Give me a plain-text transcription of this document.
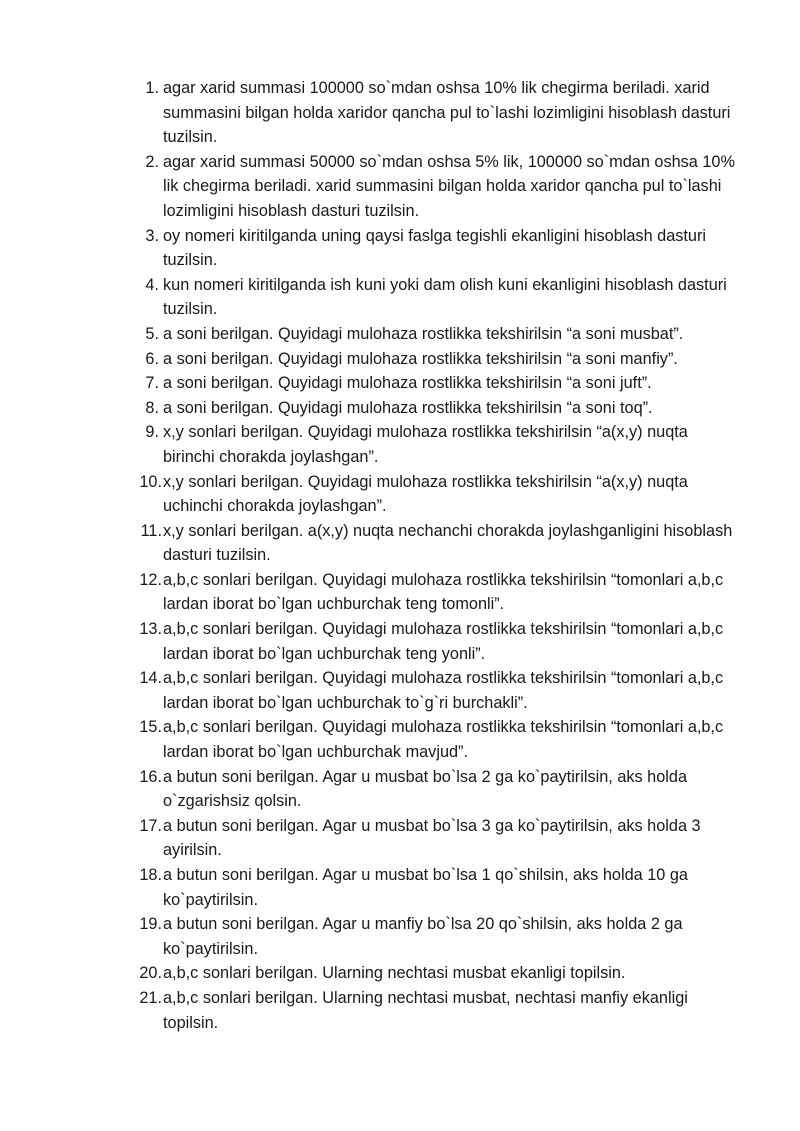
1. agar xarid summasi 100000 so`mdan oshsa 10% lik chegirma beriladi. xarid summasini bilgan holda xaridor qancha pul to`lashi lozimligini hisoblash dasturi tuzilsin.
2. agar xarid summasi 50000 so`mdan oshsa 5% lik, 100000 so`mdan oshsa 10% lik chegirma beriladi. xarid summasini bilgan holda xaridor qancha pul to`lashi lozimligini hisoblash dasturi tuzilsin.
3. oy nomeri kiritilganda uning qaysi faslga tegishli ekanligini hisoblash dasturi tuzilsin.
4. kun nomeri kiritilganda ish kuni yoki dam olish kuni ekanligini hisoblash dasturi tuzilsin.
5. a soni berilgan. Quyidagi mulohaza rostlikka tekshirilsin “a soni musbat”.
6. a soni berilgan. Quyidagi mulohaza rostlikka tekshirilsin “a soni manfiy”.
7. a soni berilgan. Quyidagi mulohaza rostlikka tekshirilsin “a soni juft”.
8. a soni berilgan. Quyidagi mulohaza rostlikka tekshirilsin “a soni toq”.
9. x,y sonlari berilgan. Quyidagi mulohaza rostlikka tekshirilsin “a(x,y) nuqta birinchi chorakda joylashgan”.
10. x,y sonlari berilgan. Quyidagi mulohaza rostlikka tekshirilsin “a(x,y) nuqta uchinchi chorakda joylashgan”.
11. x,y sonlari berilgan. a(x,y) nuqta nechanchi chorakda joylashganligini hisoblash dasturi tuzilsin.
12. a,b,c sonlari berilgan. Quyidagi mulohaza rostlikka tekshirilsin “tomonlari a,b,c lardan iborat bo`lgan uchburchak teng tomonli”.
13. a,b,c sonlari berilgan. Quyidagi mulohaza rostlikka tekshirilsin “tomonlari a,b,c lardan iborat bo`lgan uchburchak teng yonli”.
14. a,b,c sonlari berilgan. Quyidagi mulohaza rostlikka tekshirilsin “tomonlari a,b,c lardan iborat bo`lgan uchburchak to`g`ri burchakli”.
15. a,b,c sonlari berilgan. Quyidagi mulohaza rostlikka tekshirilsin “tomonlari a,b,c lardan iborat bo`lgan uchburchak mavjud”.
16. a butun soni berilgan. Agar u musbat bo`lsa 2 ga ko`paytirilsin, aks holda o`zgarishsiz qolsin.
17. a butun soni berilgan. Agar u musbat bo`lsa 3 ga ko`paytirilsin, aks holda 3 ayirilsin.
18. a butun soni berilgan. Agar u musbat bo`lsa 1 qo`shilsin, aks holda 10 ga ko`paytirilsin.
19. a butun soni berilgan. Agar u manfiy bo`lsa 20 qo`shilsin, aks holda 2 ga ko`paytirilsin.
20. a,b,c sonlari berilgan. Ularning nechtasi musbat ekanligi topilsin.
21. a,b,c sonlari berilgan. Ularning nechtasi musbat, nechtasi manfiy ekanligi topilsin.
